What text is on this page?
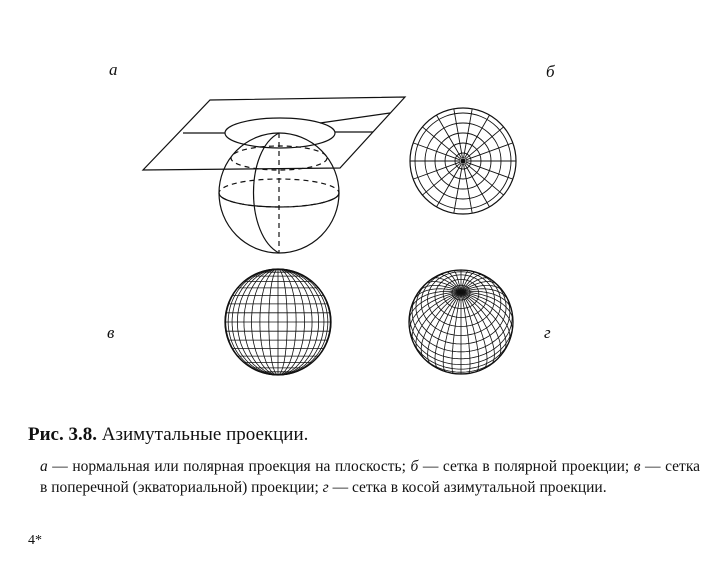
а	б
в	г

Рис. 3.8. Азимутальные проекции.

а — нормальная или полярная проекция на плоскость; б — сетка в полярной проекции; в — сетка в поперечной (экваториальной) проекции; г — сетка в косой азимутальной проекции.

4*
